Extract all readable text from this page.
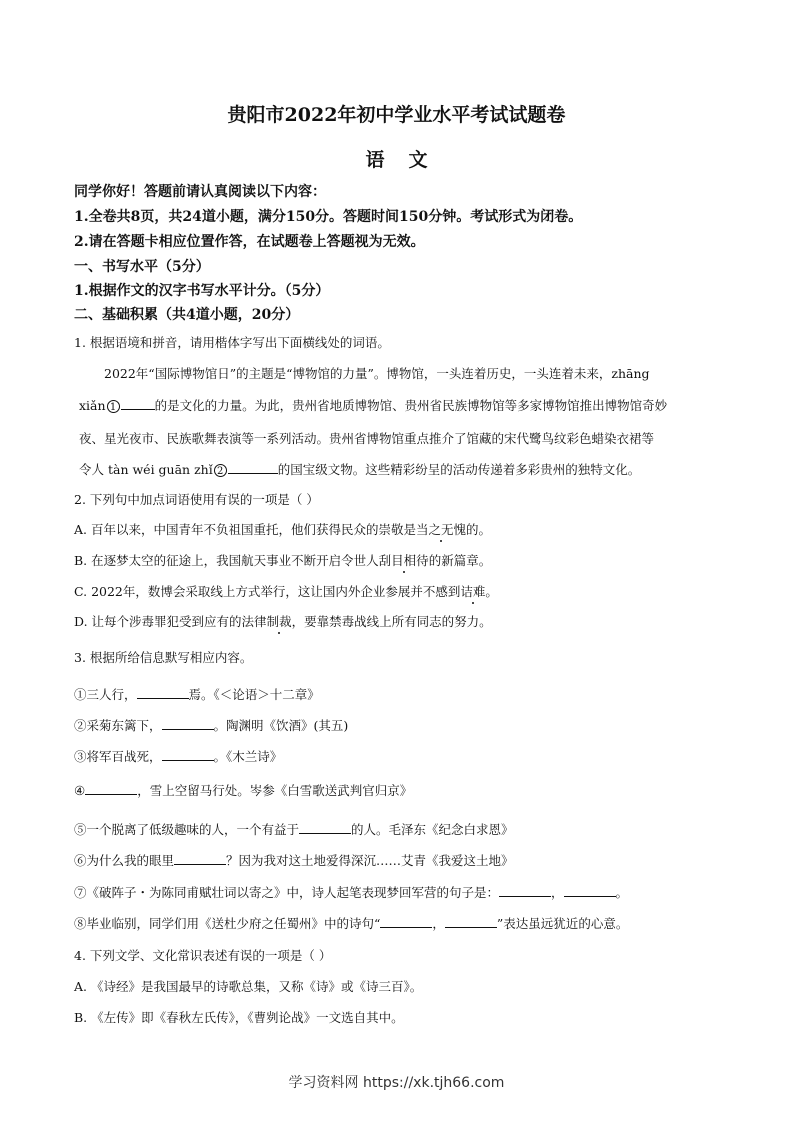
贵阳市2022年初中学业水平考试试题卷
语文
同学你好！答题前请认真阅读以下内容：
1.全卷共8页，共24道小题，满分150分。答题时间150分钟。考试形式为闭卷。
2.请在答题卡相应位置作答，在试题卷上答题视为无效。
一、书写水平（5分）
1.根据作文的汉字书写水平计分。（5分）
二、基础积累（共4道小题，20分）
1. 根据语境和拼音，请用楷体字写出下面横线处的词语。
2022年“国际博物馆日”的主题是“博物馆的力量”。博物馆，一头连着历史，一头连着未来，zhāng
xiǎn 1	的是文化的力量。为此，贵州省地质博物馆、贵州省民族博物馆等多家博物馆推出博物馆奇妙
夜、星光夜市、民族歌舞表演等一系列活动。贵州省博物馆重点推介了馆藏的宋代鹭鸟纹彩色蜡染衣裙等
令人 tàn wéi guān zhǐ 2	的国宝级文物。这些精彩纷呈的活动传递着多彩贵州的独特文化。
2. 下列句中加点词语使用有误的一项是（ ）
A. 百年以来，中国青年不负祖国重托，他们获得民众的崇敬是当之无愧的。
B. 在逐梦太空的征途上，我国航天事业不断开启令世人刮目相待的新篇章。
C. 2022年，数博会采取线上方式举行，这让国内外企业参展并不感到诘难。
D. 让每个涉毒罪犯受到应有的法律制裁，要靠禁毒战线上所有同志的努力。
3. 根据所给信息默写相应内容。
①三人行，	焉。《＜论语＞十二章》
②采菊东篱下，	。陶渊明《饮酒》(其五)
③将军百战死，	。《木兰诗》
④	，雪上空留马行处。岑参《白雪歌送武判官归京》
⑤一个脱离了低级趣味的人，一个有益于	的人。毛泽东《纪念白求恩》
⑥为什么我的眼里	？因为我对这土地爱得深沉……艾青《我爱这土地》
⑦《破阵子・为陈同甫赋壮词以寄之》中，诗人起笔表现梦回军营的句子是：	，	。
⑧毕业临别，同学们用《送杜少府之任蜀州》中的诗句“	，	”表达虽远犹近的心意。
4. 下列文学、文化常识表述有误的一项是（ ）
A. 《诗经》是我国最早的诗歌总集，又称《诗》或《诗三百》。
B. 《左传》即《春秋左氏传》，《曹刿论战》一文选自其中。
学习资料网 https://xk.tjh66.com
